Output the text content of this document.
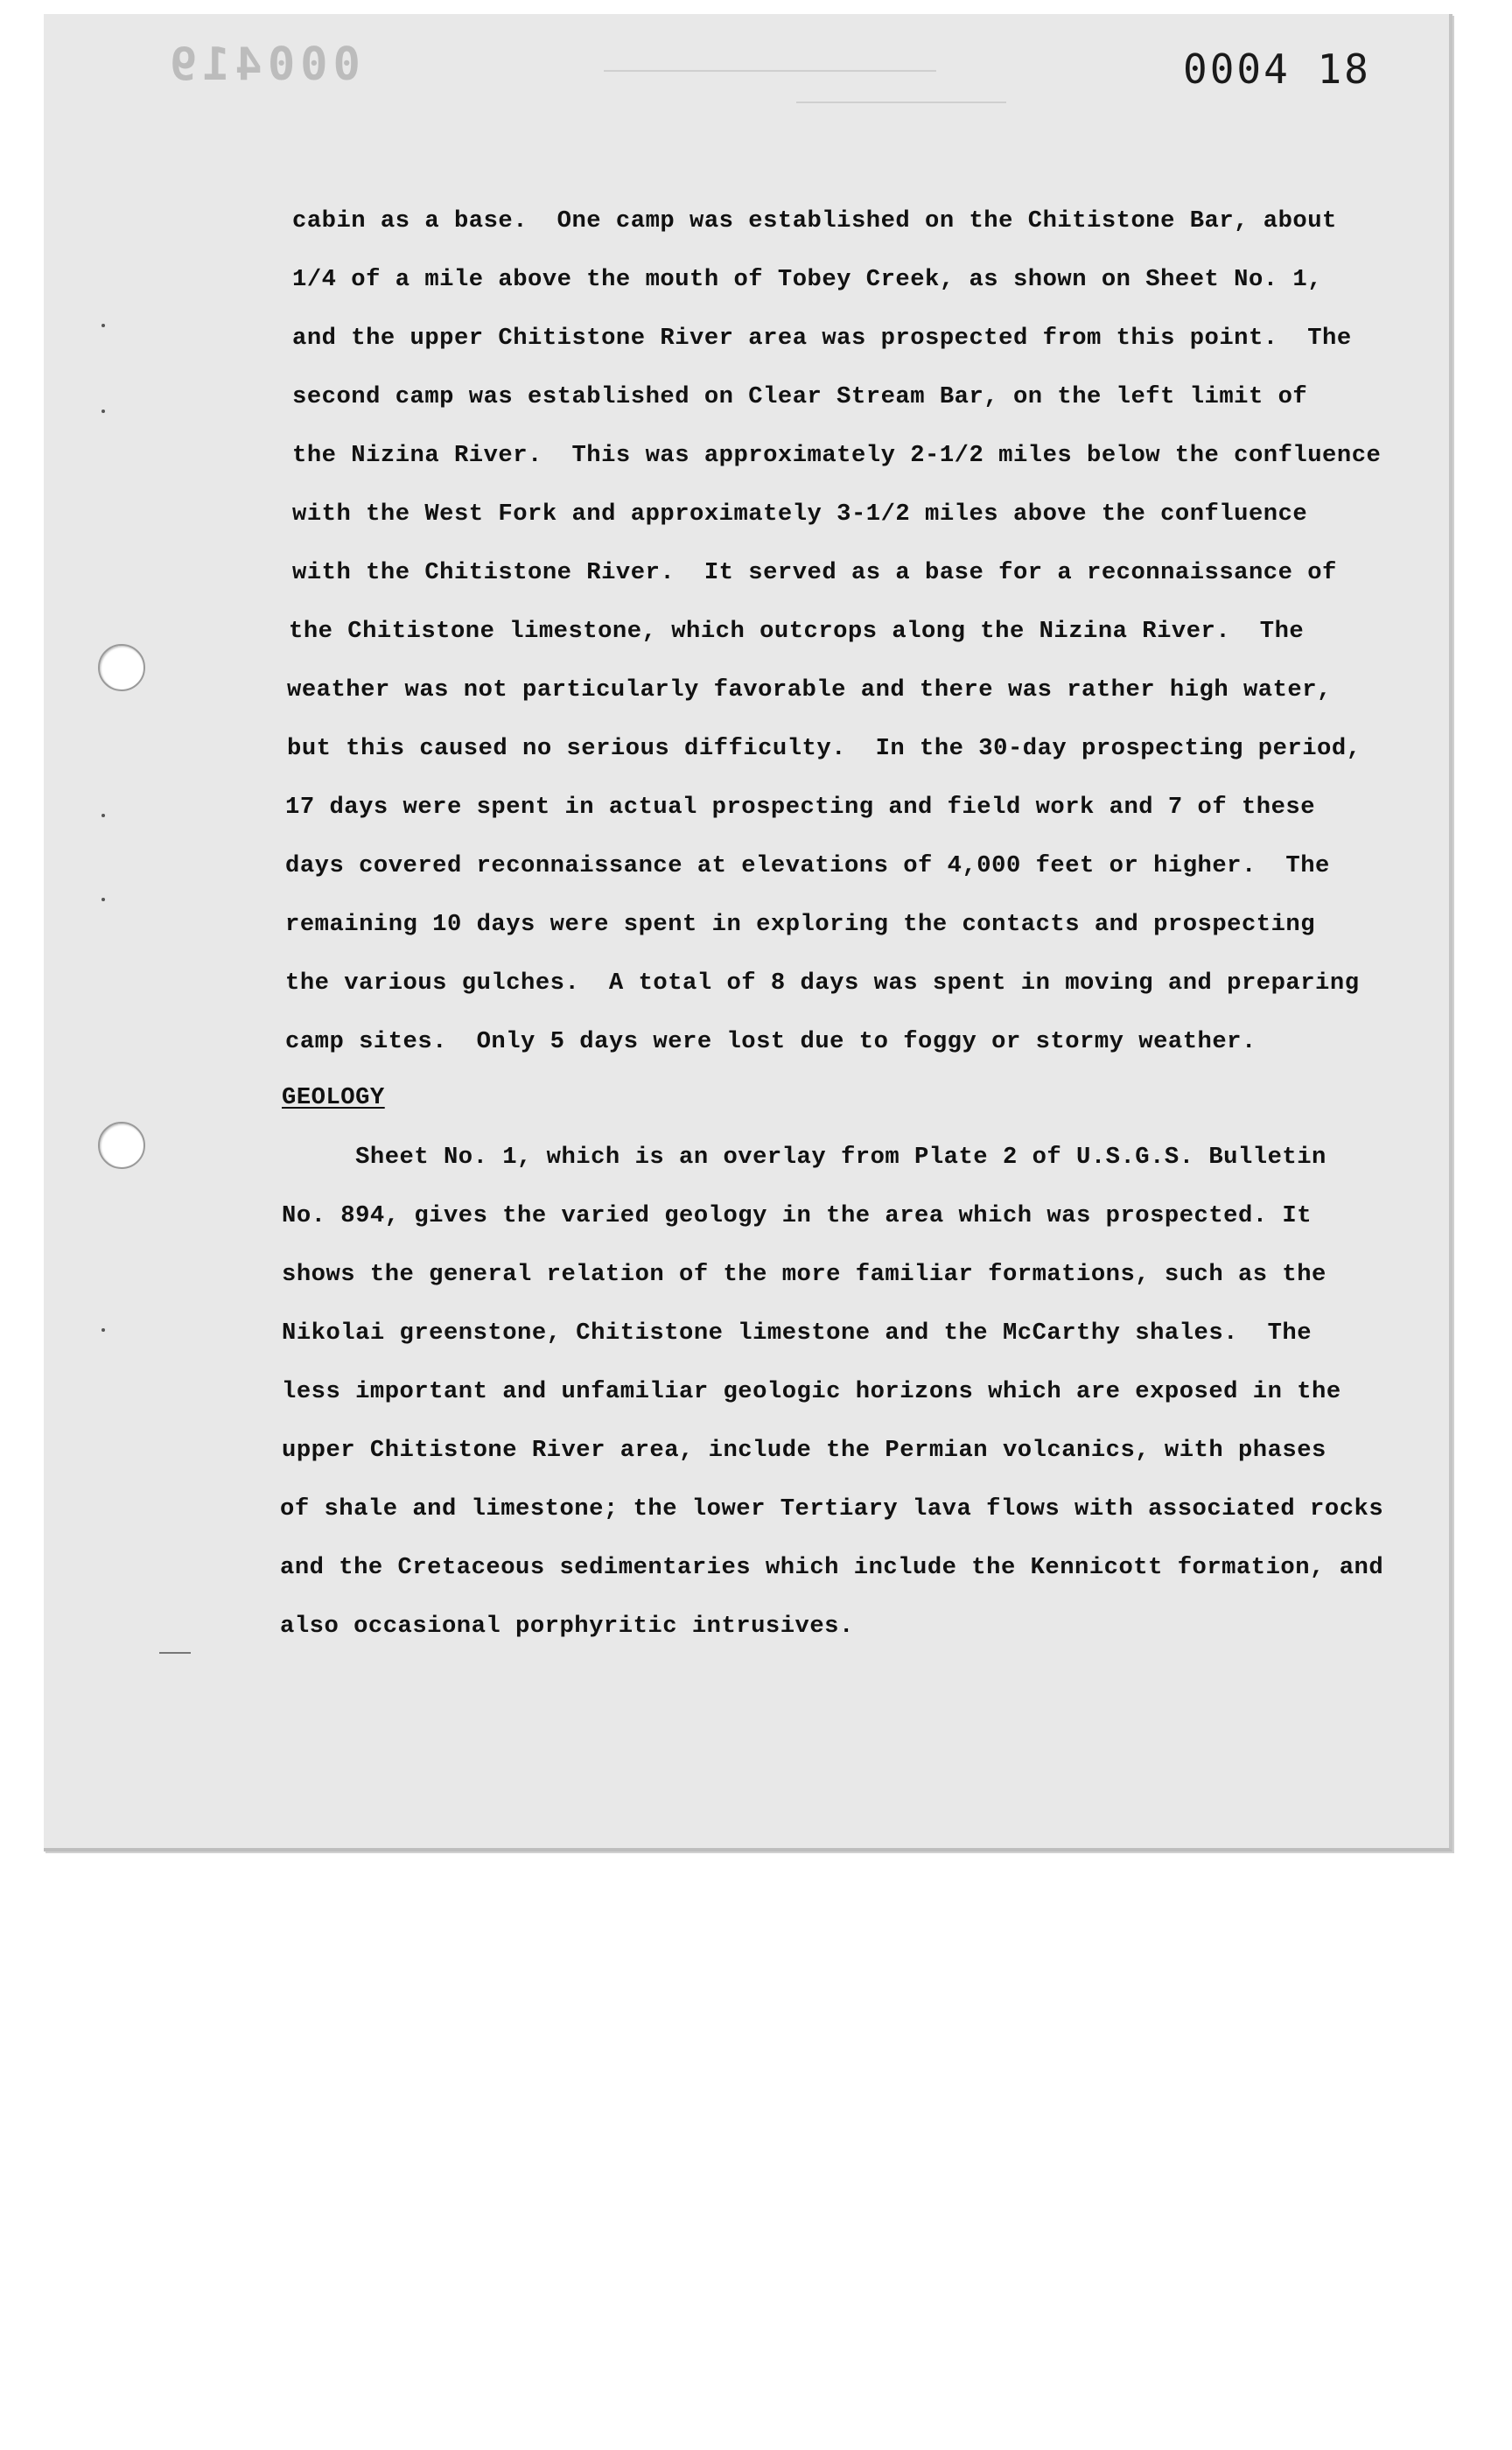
000419	0004 18
cabin as a base.  One camp was established on the Chitistone Bar, about
1/4 of a mile above the mouth of Tobey Creek, as shown on Sheet No. 1,
and the upper Chitistone River area was prospected from this point.  The
second camp was established on Clear Stream Bar, on the left limit of
the Nizina River.  This was approximately 2-1/2 miles below the confluence
with the West Fork and approximately 3-1/2 miles above the confluence
with the Chitistone River.  It served as a base for a reconnaissance of
the Chitistone limestone, which outcrops along the Nizina River.  The
weather was not particularly favorable and there was rather high water,
but this caused no serious difficulty.  In the 30-day prospecting period,
17 days were spent in actual prospecting and field work and 7 of these
days covered reconnaissance at elevations of 4,000 feet or higher.  The
remaining 10 days were spent in exploring the contacts and prospecting
the various gulches.  A total of 8 days was spent in moving and preparing
camp sites.  Only 5 days were lost due to foggy or stormy weather.
GEOLOGY
Sheet No. 1, which is an overlay from Plate 2 of U.S.G.S. Bulletin
No. 894, gives the varied geology in the area which was prospected. It
shows the general relation of the more familiar formations, such as the
Nikolai greenstone, Chitistone limestone and the McCarthy shales.  The
less important and unfamiliar geologic horizons which are exposed in the
upper Chitistone River area, include the Permian volcanics, with phases
of shale and limestone; the lower Tertiary lava flows with associated rocks
and the Cretaceous sedimentaries which include the Kennicott formation, and
also occasional porphyritic intrusives.
